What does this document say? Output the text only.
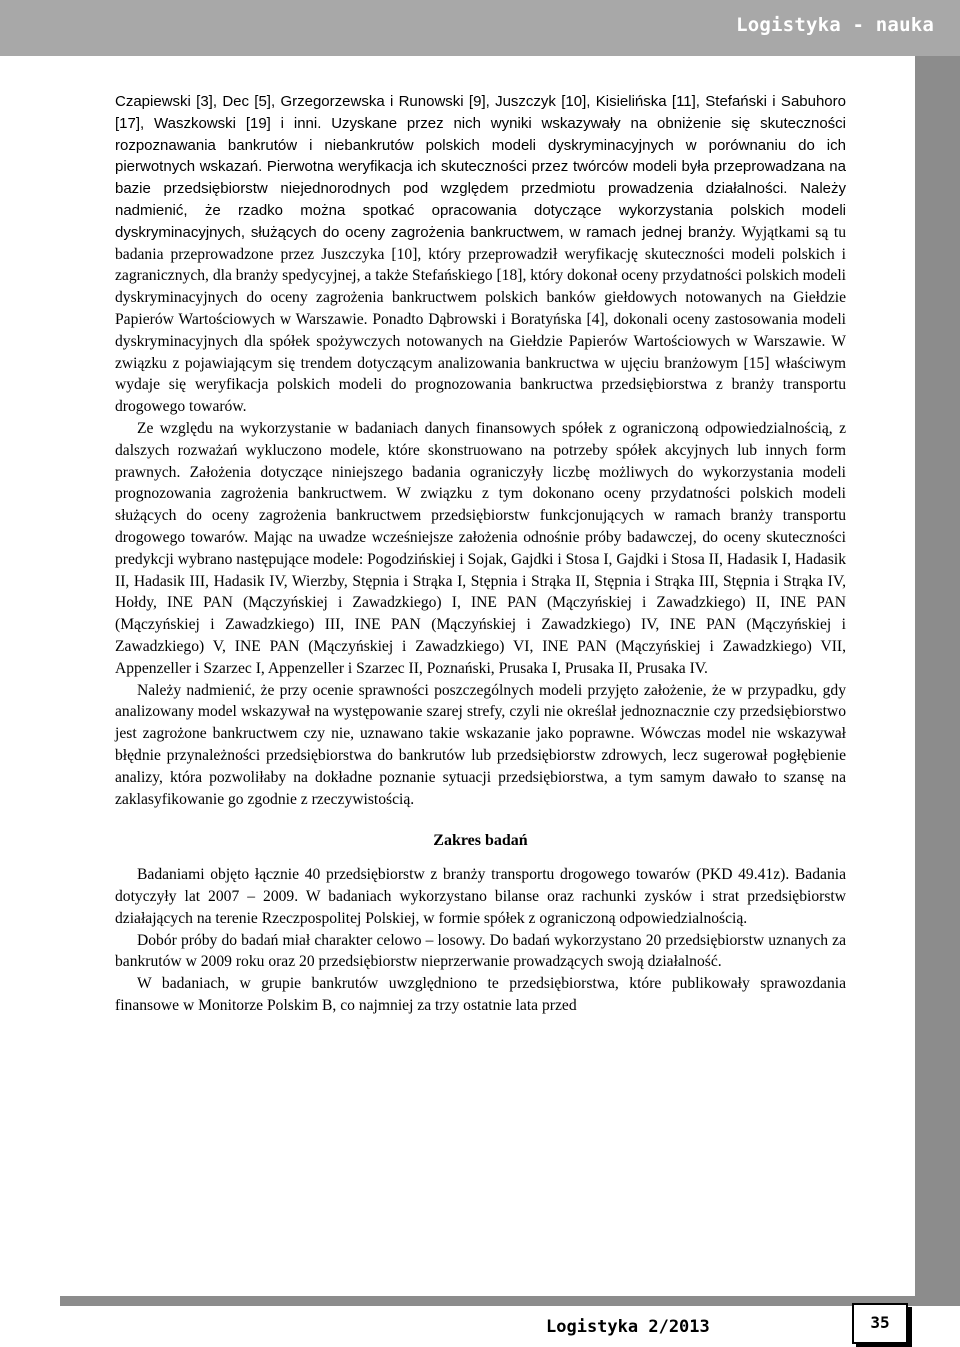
Logistyka - nauka

Czapiewski [3], Dec [5], Grzegorzewska i Runowski [9], Juszczyk [10], Kisielińska [11], Stefański i Sabuhoro [17], Waszkowski [19] i inni. Uzyskane przez nich wyniki wskazywały na obniżenie się skuteczności rozpoznawania bankrutów i niebankrutów polskich modeli dyskryminacyjnych w porównaniu do ich pierwotnych wskazań. Pierwotna weryfikacja ich skuteczności przez twórców modeli była przeprowadzana na bazie przedsiębiorstw niejednorodnych pod względem przedmiotu prowadzenia działalności. Należy nadmienić, że rzadko można spotkać opracowania dotyczące wykorzystania polskich modeli dyskryminacyjnych, służących do oceny zagrożenia bankructwem, w ramach jednej branży. Wyjątkami są tu badania przeprowadzone przez Juszczyka [10], który przeprowadził weryfikację skuteczności modeli polskich i zagranicznych, dla branży spedycyjnej, a także Stefańskiego [18], który dokonał oceny przydatności polskich modeli dyskryminacyjnych do oceny zagrożenia bankructwem polskich banków giełdowych notowanych na Giełdzie Papierów Wartościowych w Warszawie. Ponadto Dąbrowski i Boratyńska [4], dokonali oceny zastosowania modeli dyskryminacyjnych dla spółek spożywczych notowanych na Giełdzie Papierów Wartościowych w Warszawie. W związku z pojawiającym się trendem dotyczącym analizowania bankructwa w ujęciu branżowym [15] właściwym wydaje się weryfikacja polskich modeli do prognozowania bankructwa przedsiębiorstwa z branży transportu drogowego towarów.

Ze względu na wykorzystanie w badaniach danych finansowych spółek z ograniczoną odpowiedzialnością, z dalszych rozważań wykluczono modele, które skonstruowano na potrzeby spółek akcyjnych lub innych form prawnych. Założenia dotyczące niniejszego badania ograniczyły liczbę możliwych do wykorzystania modeli prognozowania zagrożenia bankructwem. W związku z tym dokonano oceny przydatności polskich modeli służących do oceny zagrożenia bankructwem przedsiębiorstw funkcjonujących w ramach branży transportu drogowego towarów. Mając na uwadze wcześniejsze założenia odnośnie próby badawczej, do oceny skuteczności predykcji wybrano następujące modele: Pogodzińskiej i Sojak, Gajdki i Stosa I, Gajdki i Stosa II, Hadasik I, Hadasik II, Hadasik III, Hadasik IV, Wierzby, Stępnia i Strąka I, Stępnia i Strąka II, Stępnia i Strąka III, Stępnia i Strąka IV, Hołdy, INE PAN (Mączyńskiej i Zawadzkiego) I, INE PAN (Mączyńskiej i Zawadzkiego) II, INE PAN (Mączyńskiej i Zawadzkiego) III, INE PAN (Mączyńskiej i Zawadzkiego) IV, INE PAN (Mączyńskiej i Zawadzkiego) V, INE PAN (Mączyńskiej i Zawadzkiego) VI, INE PAN (Mączyńskiej i Zawadzkiego) VII, Appenzeller i Szarzec I, Appenzeller i Szarzec II, Poznański, Prusaka I, Prusaka II, Prusaka IV.

Należy nadmienić, że przy ocenie sprawności poszczególnych modeli przyjęto założenie, że w przypadku, gdy analizowany model wskazywał na występowanie szarej strefy, czyli nie określał jednoznacznie czy przedsiębiorstwo jest zagrożone bankructwem czy nie, uznawano takie wskazanie jako poprawne. Wówczas model nie wskazywał błędnie przynależności przedsiębiorstwa do bankrutów lub przedsiębiorstw zdrowych, lecz sugerował pogłębienie analizy, która pozwoliłaby na dokładne poznanie sytuacji przedsiębiorstwa, a tym samym dawało to szansę na zaklasyfikowanie go zgodnie z rzeczywistością.

Zakres badań

Badaniami objęto łącznie 40 przedsiębiorstw z branży transportu drogowego towarów (PKD 49.41z). Badania dotyczyły lat 2007 – 2009. W badaniach wykorzystano bilanse oraz rachunki zysków i strat przedsiębiorstw działających na terenie Rzeczpospolitej Polskiej, w formie spółek z ograniczoną odpowiedzialnością.

Dobór próby do badań miał charakter celowo – losowy. Do badań wykorzystano 20 przedsiębiorstw uznanych za bankrutów w 2009 roku oraz 20 przedsiębiorstw nieprzerwanie prowadzących swoją działalność.

W badaniach, w grupie bankrutów uwzględniono te przedsiębiorstwa, które publikowały sprawozdania finansowe w Monitorze Polskim B, co najmniej za trzy ostatnie lata przed

Logistyka 2/2013	35
